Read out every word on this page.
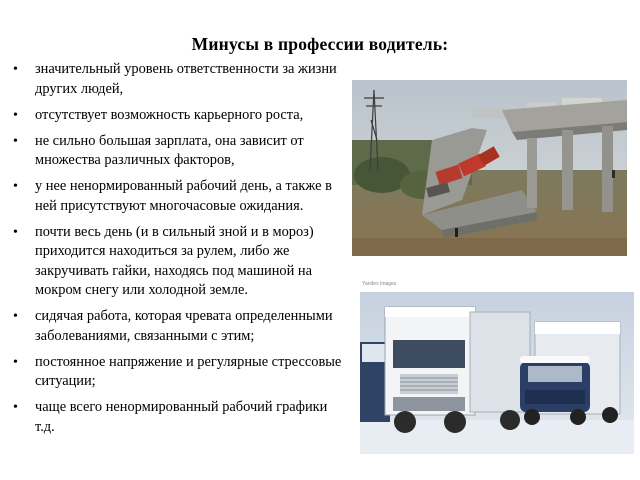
Минусы в профессии водитель:
• значительный уровень ответственности за жизни других людей,
• отсутствует возможность карьерного роста,
• не сильно большая зарплата, она зависит от множества различных факторов,
• у нее ненормированный рабочий день, а также в ней присутствуют многочасовые ожидания.
• почти весь день (и в сильный зной и в мороз) приходится находиться за рулем, либо же закручивать гайки, находясь под машиной на мокром снегу или холодной земле.
• сидячая работа, которая чревата определенными заболеваниями, связанными с этим;
• постоянное напряжение и регулярные стрессовые ситуации;
• чаще всего ненормированный рабочий графики т.д.
Yandex Images
